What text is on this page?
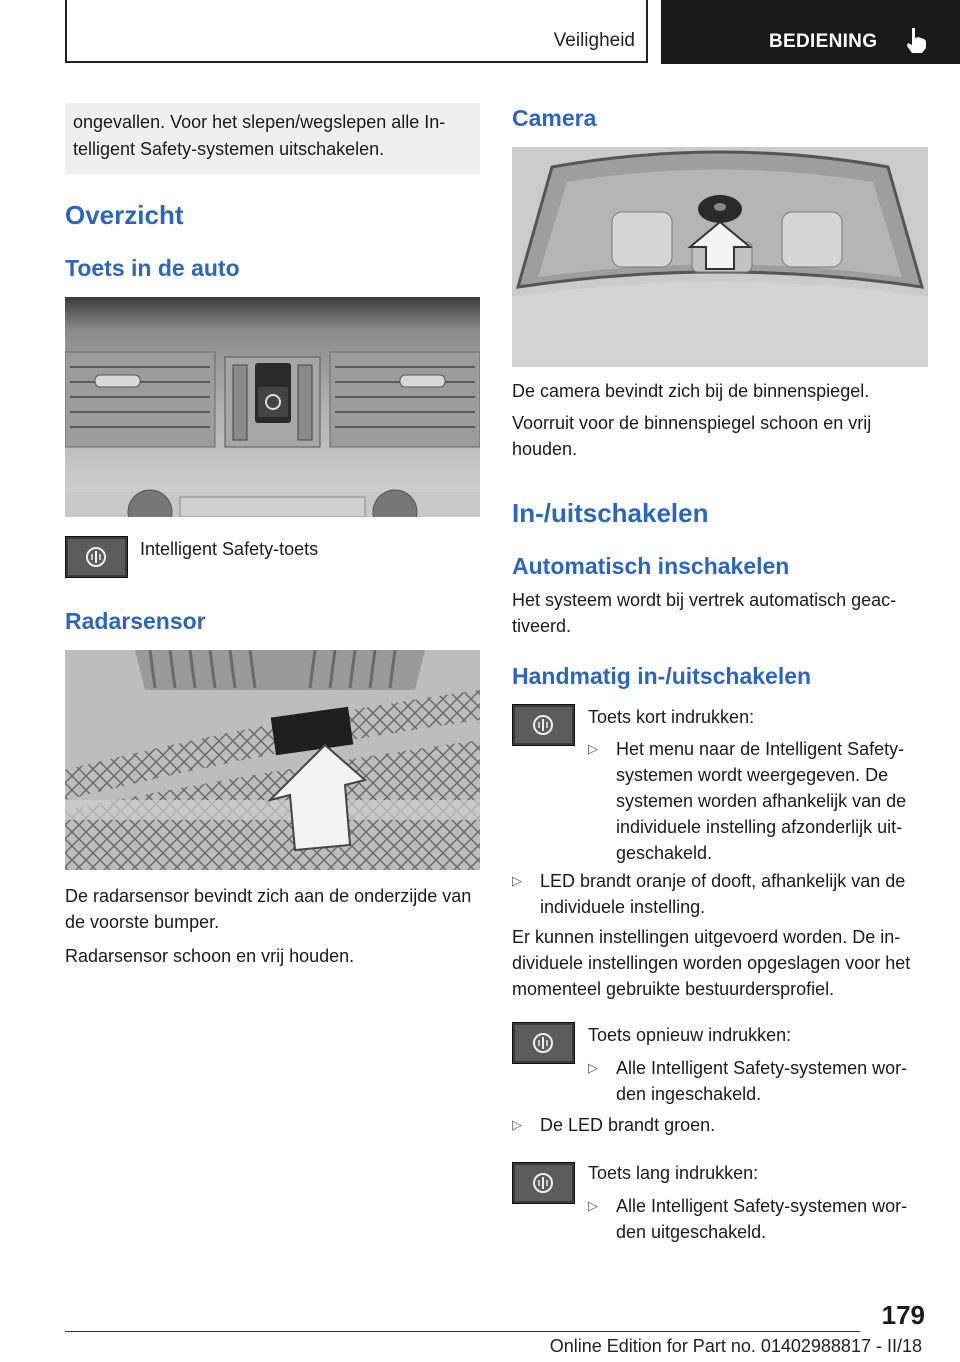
Veiligheid	BEDIENING
ongevallen. Voor het slepen/wegslepen alle In-telligent Safety-systemen uitschakelen.
Overzicht
Toets in de auto
Intelligent Safety-toets
Radarsensor
De radarsensor bevindt zich aan de onderzijde van de voorste bumper.
Radarsensor schoon en vrij houden.
Camera
De camera bevindt zich bij de binnenspiegel.
Voorruit voor de binnenspiegel schoon en vrij houden.
In-/uitschakelen
Automatisch inschakelen
Het systeem wordt bij vertrek automatisch geac-tiveerd.
Handmatig in-/uitschakelen
Toets kort indrukken:
▷ Het menu naar de Intelligent Safety-systemen wordt weergegeven. De systemen worden afhankelijk van de individuele instelling afzonderlijk uit-geschakeld.
▷ LED brandt oranje of dooft, afhankelijk van de individuele instelling.
Er kunnen instellingen uitgevoerd worden. De in-dividuele instellingen worden opgeslagen voor het momenteel gebruikte bestuurdersprofiel.
Toets opnieuw indrukken:
▷ Alle Intelligent Safety-systemen wor-den ingeschakeld.
▷ De LED brandt groen.
Toets lang indrukken:
▷ Alle Intelligent Safety-systemen wor-den uitgeschakeld.
179
Online Edition for Part no. 01402988817 - II/18
